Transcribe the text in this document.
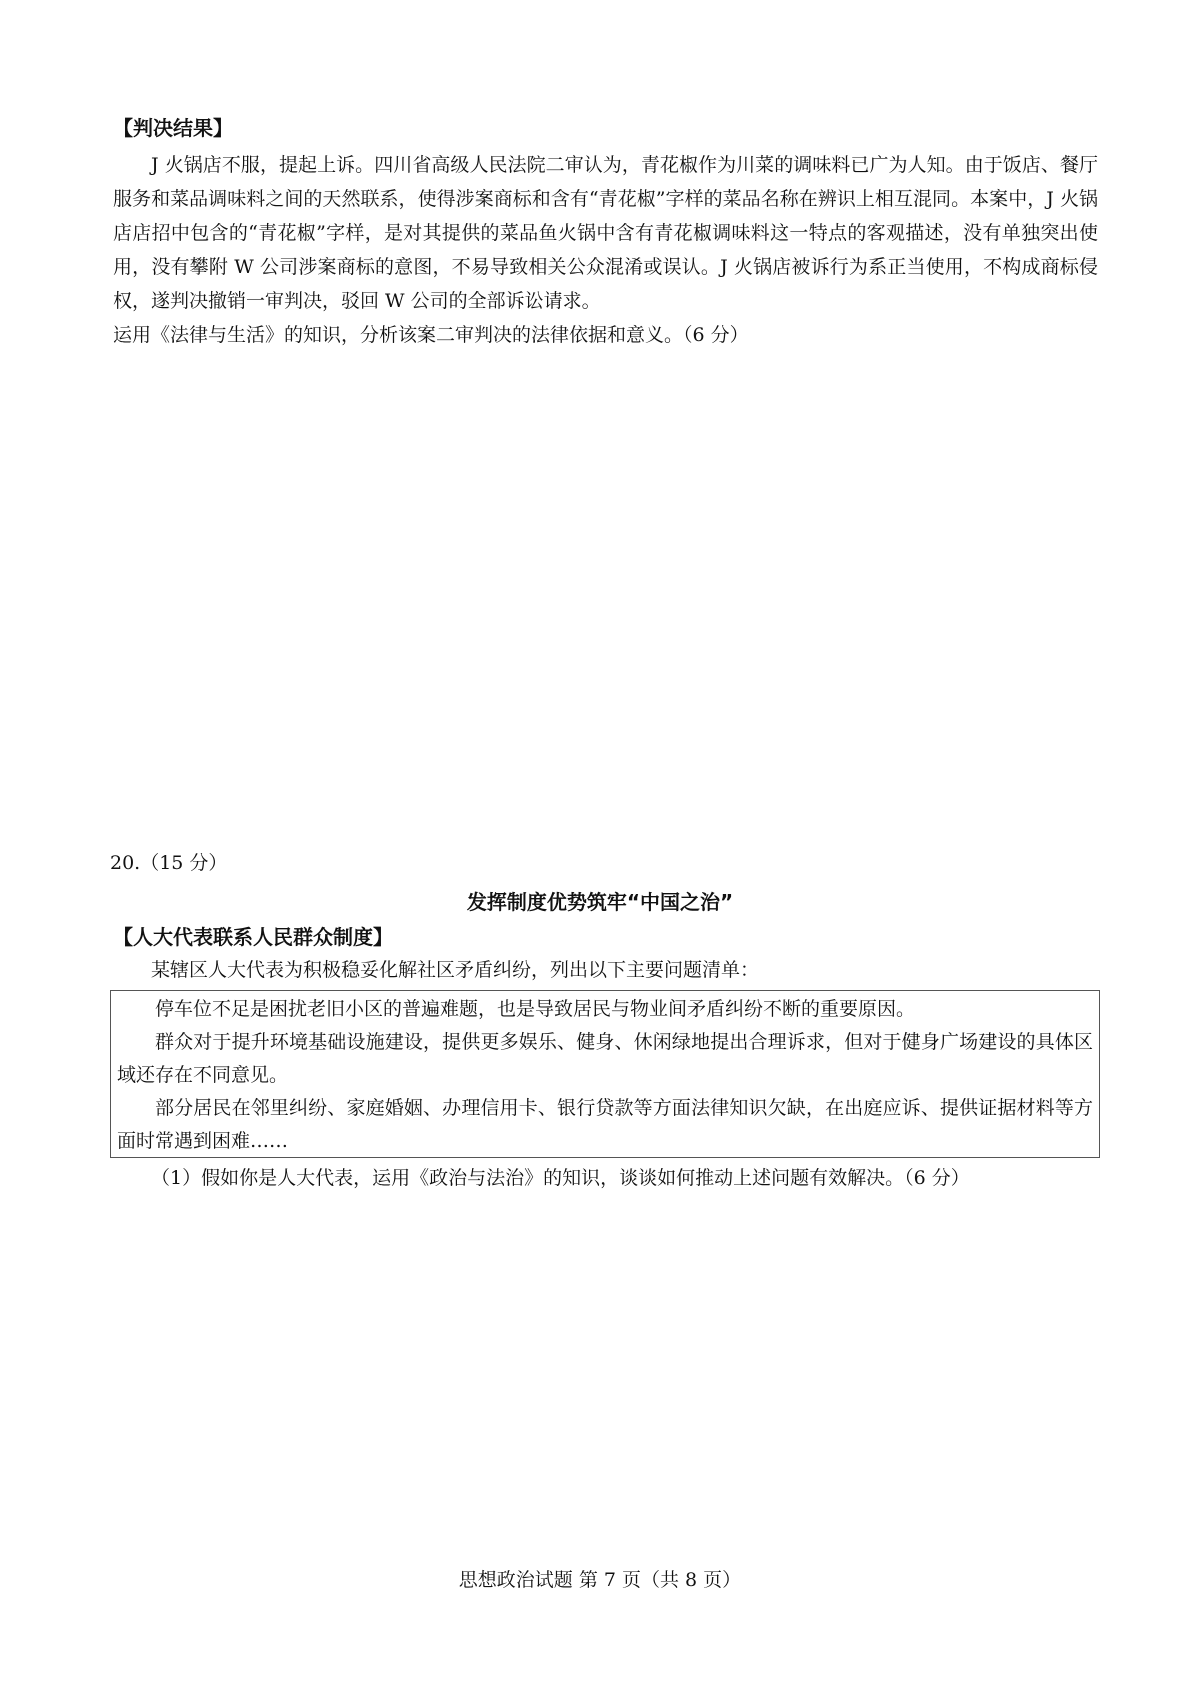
【判决结果】

J 火锅店不服，提起上诉。四川省高级人民法院二审认为，青花椒作为川菜的调味料已广为人知。由于饭店、餐厅服务和菜品调味料之间的天然联系，使得涉案商标和含有“青花椒”字样的菜品名称在辨识上相互混同。本案中，J 火锅店店招中包含的“青花椒”字样，是对其提供的菜品鱼火锅中含有青花椒调味料这一特点的客观描述，没有单独突出使用，没有攀附 W 公司涉案商标的意图，不易导致相关公众混淆或误认。J 火锅店被诉行为系正当使用，不构成商标侵权，遂判决撤销一审判决，驳回 W 公司的全部诉讼请求。

运用《法律与生活》的知识，分析该案二审判决的法律依据和意义。（6 分）

20.（15 分）
发挥制度优势筑牢“中国之治”
【人大代表联系人民群众制度】

某辖区人大代表为积极稳妥化解社区矛盾纠纷，列出以下主要问题清单：

停车位不足是困扰老旧小区的普遍难题，也是导致居民与物业间矛盾纠纷不断的重要原因。

群众对于提升环境基础设施建设，提供更多娱乐、健身、休闲绿地提出合理诉求，但对于健身广场建设的具体区域还存在不同意见。

部分居民在邻里纠纷、家庭婚姻、办理信用卡、银行贷款等方面法律知识欠缺，在出庭应诉、提供证据材料等方面时常遇到困难……

（1）假如你是人大代表，运用《政治与法治》的知识，谈谈如何推动上述问题有效解决。（6 分）
思想政治试题 第 7 页（共 8 页）
